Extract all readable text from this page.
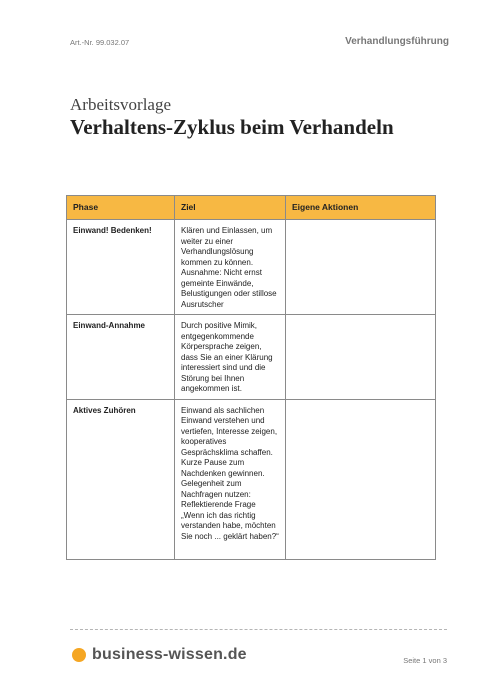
Art.-Nr. 99.032.07	Verhandlungsführung
Arbeitsvorlage
Verhaltens-Zyklus beim Verhandeln
Phase	Ziel	Eigene Aktionen
Einwand! Bedenken!	Klären und Einlassen, um weiter zu einer Verhandlungslösung kommen zu können. Ausnahme: Nicht ernst gemeinte Einwände, Belustigungen oder stillose Ausrutscher	
Einwand-Annahme	Durch positive Mimik, entgegenkommende Körpersprache zeigen, dass Sie an einer Klärung interessiert sind und die Störung bei Ihnen angekommen ist.	
Aktives Zuhören	Einwand als sachlichen Einwand verstehen und vertiefen, Interesse zeigen, kooperatives Gesprächsklima schaffen. Kurze Pause zum Nachdenken gewinnen. Gelegenheit zum Nachfragen nutzen: Reflektierende Frage „Wenn ich das richtig verstanden habe, möchten Sie noch ... geklärt haben?“	
business-wissen.de	Seite 1 von 3
